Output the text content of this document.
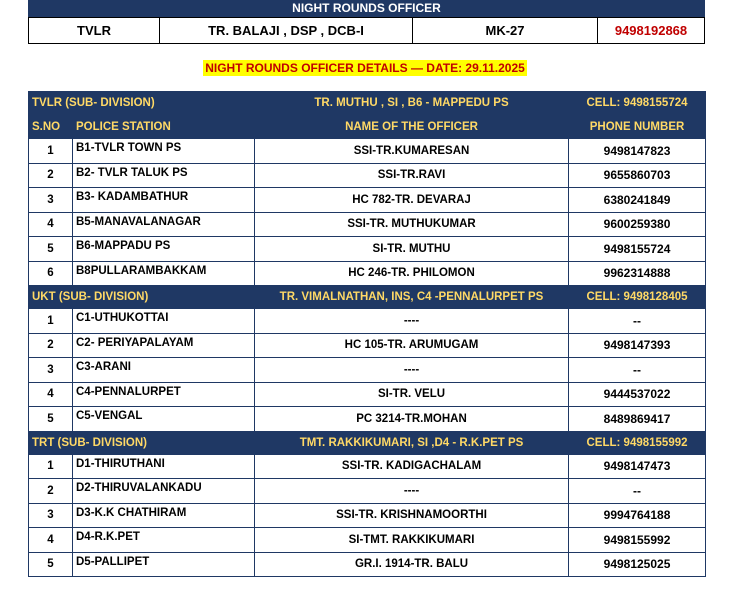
NIGHT ROUNDS OFFICER
TVLR	TR. BALAJI , DSP , DCB-I	MK-27	9498192868
NIGHT ROUNDS OFFICER DETAILS — DATE: 29.11.2025
TVLR (SUB- DIVISION)		TR. MUTHU , SI , B6 - MAPPEDU PS	CELL: 9498155724
S.NO	POLICE STATION	NAME OF THE OFFICER	PHONE NUMBER
1	B1-TVLR TOWN PS	SSI-TR.KUMARESAN	9498147823
2	B2- TVLR TALUK PS	SSI-TR.RAVI	9655860703
3	B3- KADAMBATHUR	HC 782-TR. DEVARAJ	6380241849
4	B5-MANAVALANAGAR	SSI-TR. MUTHUKUMAR	9600259380
5	B6-MAPPADU PS	SI-TR. MUTHU	9498155724
6	B8PULLARAMBAKKAM	HC 246-TR. PHILOMON	9962314888
UKT (SUB- DIVISION)		TR. VIMALNATHAN, INS, C4 -PENNALURPET PS	CELL: 9498128405
1	C1-UTHUKOTTAI	----	--
2	C2- PERIYAPALAYAM	HC 105-TR. ARUMUGAM	9498147393
3	C3-ARANI	----	--
4	C4-PENNALURPET	SI-TR. VELU	9444537022
5	C5-VENGAL	PC 3214-TR.MOHAN	8489869417
TRT (SUB- DIVISION)		TMT. RAKKIKUMARI, SI ,D4 - R.K.PET PS	CELL: 9498155992
1	D1-THIRUTHANI	SSI-TR. KADIGACHALAM	9498147473
2	D2-THIRUVALANKADU	----	--
3	D3-K.K CHATHIRAM	SSI-TR. KRISHNAMOORTHI	9994764188
4	D4-R.K.PET	SI-TMT. RAKKIKUMARI	9498155992
5	D5-PALLIPET	GR.I. 1914-TR. BALU	9498125025
